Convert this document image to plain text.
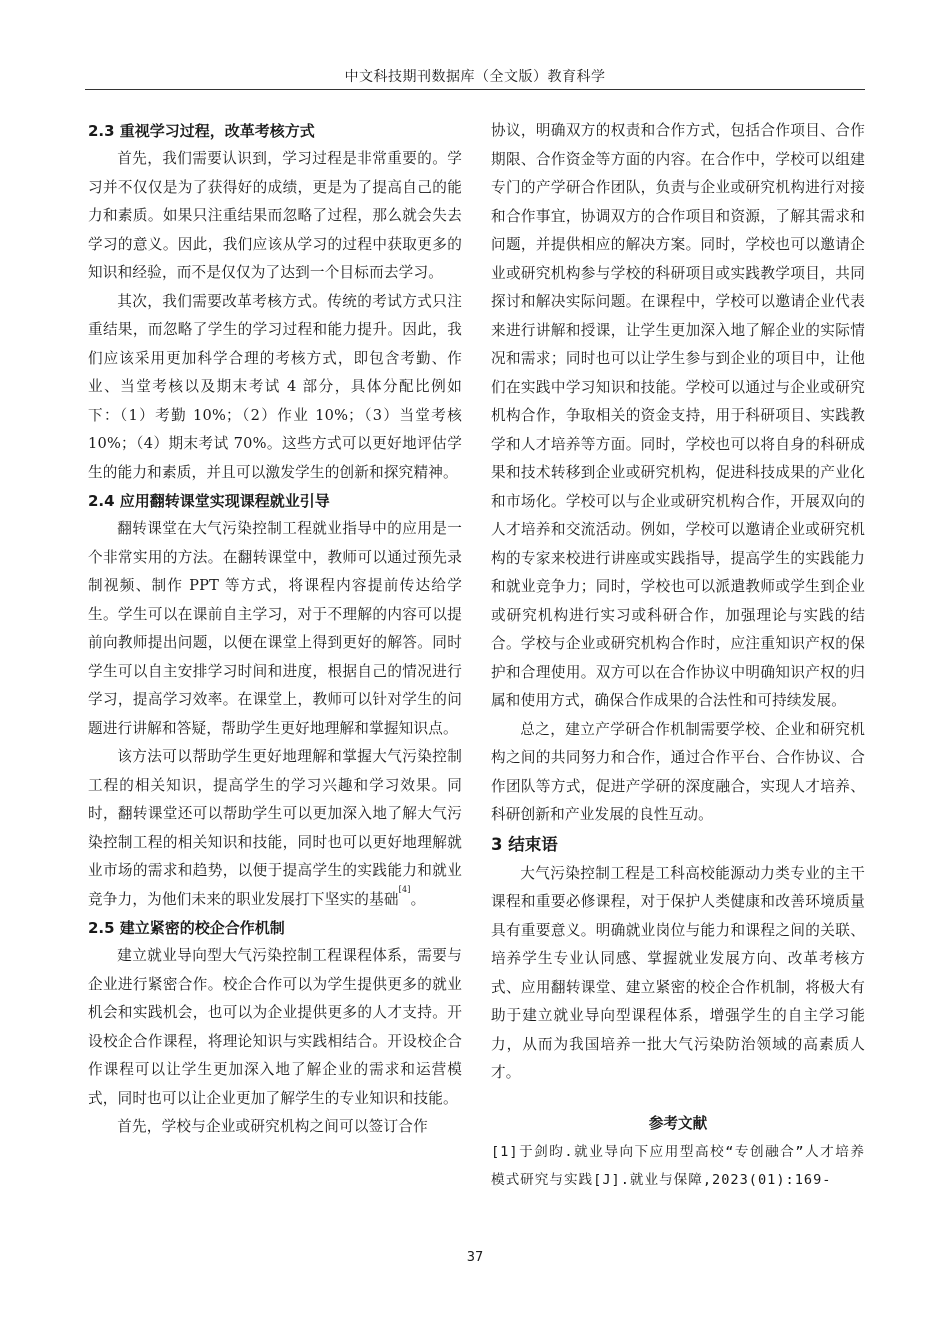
中文科技期刊数据库（全文版）教育科学
2.3 重视学习过程，改革考核方式

首先，我们需要认识到，学习过程是非常重要的。学习并不仅仅是为了获得好的成绩，更是为了提高自己的能力和素质。如果只注重结果而忽略了过程，那么就会失去学习的意义。因此，我们应该从学习的过程中获取更多的知识和经验，而不是仅仅为了达到一个目标而去学习。

其次，我们需要改革考核方式。传统的考试方式只注重结果，而忽略了学生的学习过程和能力提升。因此，我们应该采用更加科学合理的考核方式，即包含考勤、作业、当堂考核以及期末考试 4 部分，具体分配比例如下：（1）考勤 10%；（2）作业 10%；（3）当堂考核 10%；（4）期末考试 70%。这些方式可以更好地评估学生的能力和素质，并且可以激发学生的创新和探究精神。

2.4 应用翻转课堂实现课程就业引导

翻转课堂在大气污染控制工程就业指导中的应用是一个非常实用的方法。在翻转课堂中，教师可以通过预先录制视频、制作 PPT 等方式，将课程内容提前传达给学生。学生可以在课前自主学习，对于不理解的内容可以提前向教师提出问题，以便在课堂上得到更好的解答。同时学生可以自主安排学习时间和进度，根据自己的情况进行学习，提高学习效率。在课堂上，教师可以针对学生的问题进行讲解和答疑，帮助学生更好地理解和掌握知识点。

该方法可以帮助学生更好地理解和掌握大气污染控制工程的相关知识，提高学生的学习兴趣和学习效果。同时，翻转课堂还可以帮助学生可以更加深入地了解大气污染控制工程的相关知识和技能，同时也可以更好地理解就业市场的需求和趋势，以便于提高学生的实践能力和就业竞争力，为他们未来的职业发展打下坚实的基础[4]。

2.5 建立紧密的校企合作机制

建立就业导向型大气污染控制工程课程体系，需要与企业进行紧密合作。校企合作可以为学生提供更多的就业机会和实践机会，也可以为企业提供更多的人才支持。开设校企合作课程，将理论知识与实践相结合。开设校企合作课程可以让学生更加深入地了解企业的需求和运营模式，同时也可以让企业更加了解学生的专业知识和技能。

首先，学校与企业或研究机构之间可以签订合作

协议，明确双方的权责和合作方式，包括合作项目、合作期限、合作资金等方面的内容。在合作中，学校可以组建专门的产学研合作团队，负责与企业或研究机构进行对接和合作事宜，协调双方的合作项目和资源，了解其需求和问题，并提供相应的解决方案。同时，学校也可以邀请企业或研究机构参与学校的科研项目或实践教学项目，共同探讨和解决实际问题。在课程中，学校可以邀请企业代表来进行讲解和授课，让学生更加深入地了解企业的实际情况和需求；同时也可以让学生参与到企业的项目中，让他们在实践中学习知识和技能。学校可以通过与企业或研究机构合作，争取相关的资金支持，用于科研项目、实践教学和人才培养等方面。同时，学校也可以将自身的科研成果和技术转移到企业或研究机构，促进科技成果的产业化和市场化。学校可以与企业或研究机构合作，开展双向的人才培养和交流活动。例如，学校可以邀请企业或研究机构的专家来校进行讲座或实践指导，提高学生的实践能力和就业竞争力；同时，学校也可以派遣教师或学生到企业或研究机构进行实习或科研合作，加强理论与实践的结合。学校与企业或研究机构合作时，应注重知识产权的保护和合理使用。双方可以在合作协议中明确知识产权的归属和使用方式，确保合作成果的合法性和可持续发展。

总之，建立产学研合作机制需要学校、企业和研究机构之间的共同努力和合作，通过合作平台、合作协议、合作团队等方式，促进产学研的深度融合，实现人才培养、科研创新和产业发展的良性互动。

3 结束语

大气污染控制工程是工科高校能源动力类专业的主干课程和重要必修课程，对于保护人类健康和改善环境质量具有重要意义。明确就业岗位与能力和课程之间的关联、培养学生专业认同感、掌握就业发展方向、改革考核方式、应用翻转课堂、建立紧密的校企合作机制，将极大有助于建立就业导向型课程体系，增强学生的自主学习能力，从而为我国培养一批大气污染防治领域的高素质人才。

参考文献

[1]于剑昀.就业导向下应用型高校“专创融合”人才培养模式研究与实践[J].就业与保障,2023(01):169-

37
